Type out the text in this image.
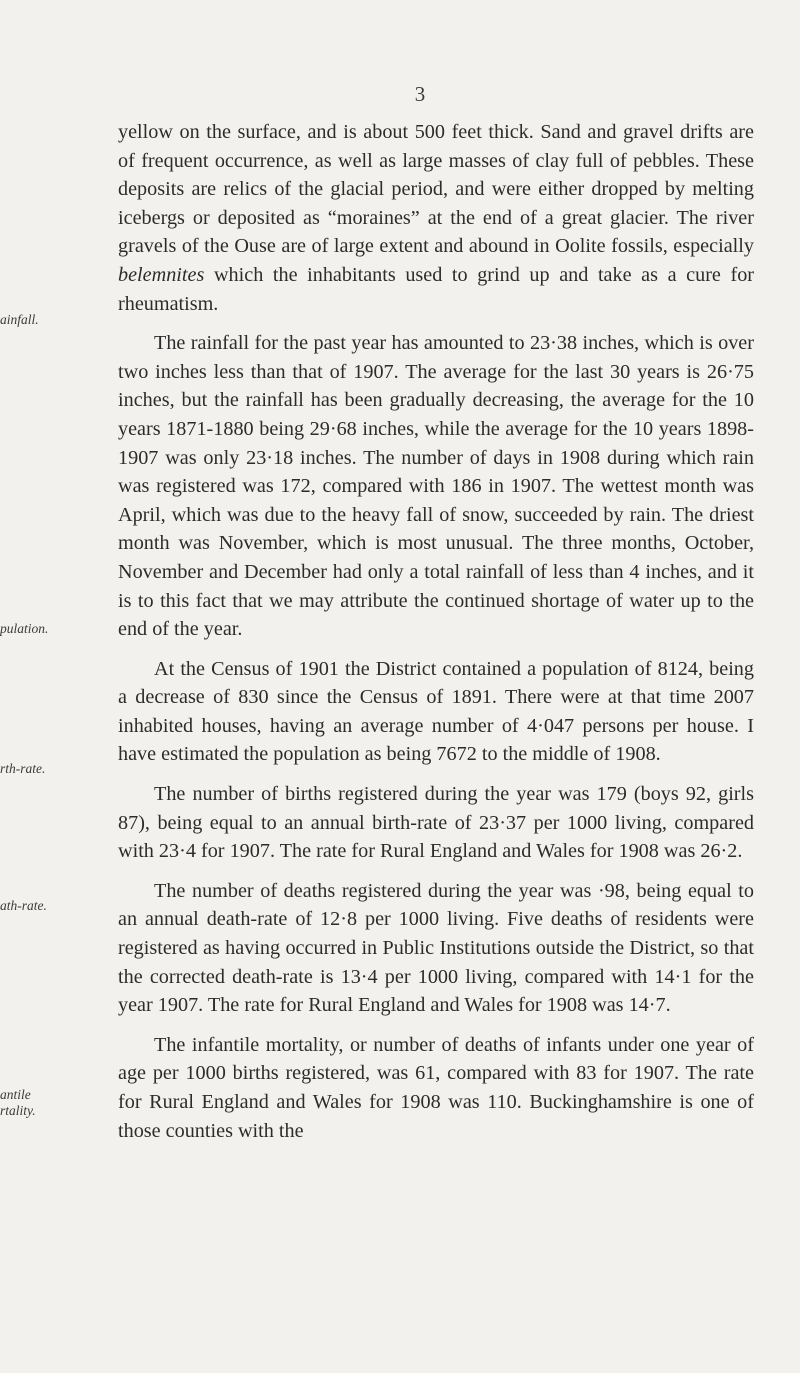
3
ainfall.
pulation.
rth-rate.
ath-rate.
antile
rtality.

yellow on the surface, and is about 500 feet thick. Sand and gravel drifts are of frequent occurrence, as well as large masses of clay full of pebbles. These deposits are relics of the glacial period, and were either dropped by melting icebergs or deposited as “moraines” at the end of a great glacier. The river gravels of the Ouse are of large extent and abound in Oolite fossils, especially belemnites which the inhabitants used to grind up and take as a cure for rheumatism.

The rainfall for the past year has amounted to 23·38 inches, which is over two inches less than that of 1907. The average for the last 30 years is 26·75 inches, but the rainfall has been gradually decreasing, the average for the 10 years 1871-1880 being 29·68 inches, while the average for the 10 years 1898-1907 was only 23·18 inches. The number of days in 1908 during which rain was registered was 172, compared with 186 in 1907. The wettest month was April, which was due to the heavy fall of snow, succeeded by rain. The driest month was November, which is most unusual. The three months, October, November and December had only a total rainfall of less than 4 inches, and it is to this fact that we may attribute the continued shortage of water up to the end of the year.

At the Census of 1901 the District contained a population of 8124, being a decrease of 830 since the Census of 1891. There were at that time 2007 inhabited houses, having an average number of 4·047 persons per house. I have estimated the population as being 7672 to the middle of 1908.

The number of births registered during the year was 179 (boys 92, girls 87), being equal to an annual birth-rate of 23·37 per 1000 living, compared with 23·4 for 1907. The rate for Rural England and Wales for 1908 was 26·2.

The number of deaths registered during the year was ·98, being equal to an annual death-rate of 12·8 per 1000 living. Five deaths of residents were registered as having occurred in Public Institutions outside the District, so that the corrected death-rate is 13·4 per 1000 living, compared with 14·1 for the year 1907. The rate for Rural England and Wales for 1908 was 14·7.

The infantile mortality, or number of deaths of infants under one year of age per 1000 births registered, was 61, compared with 83 for 1907. The rate for Rural England and Wales for 1908 was 110. Buckinghamshire is one of those counties with the
